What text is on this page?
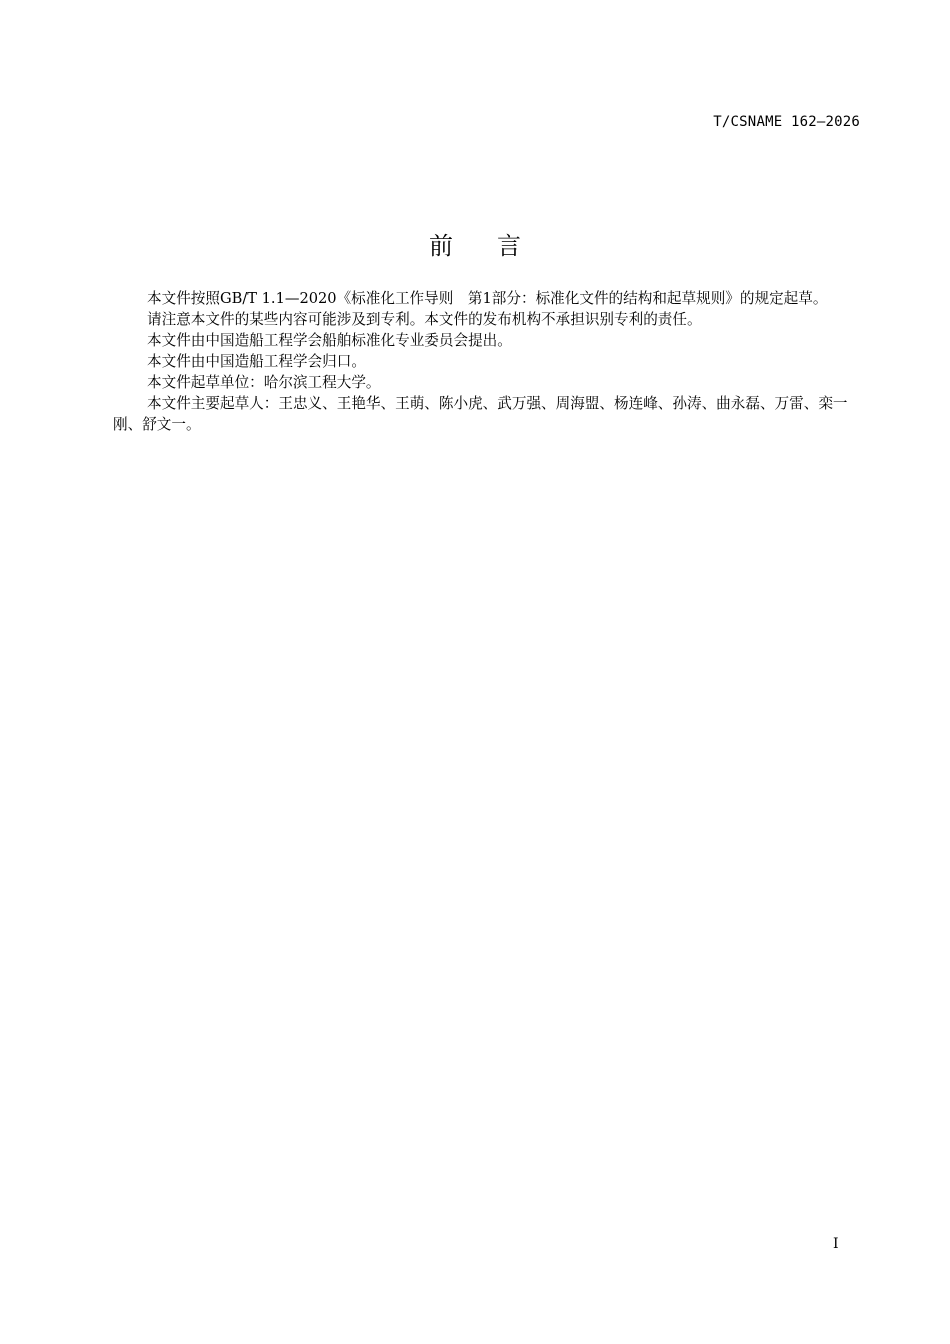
T/CSNAME 162—2026
前言

本文件按照GB/T 1.1—2020《标准化工作导则　第1部分：标准化文件的结构和起草规则》的规定起草。

请注意本文件的某些内容可能涉及到专利。本文件的发布机构不承担识别专利的责任。

本文件由中国造船工程学会船舶标准化专业委员会提出。

本文件由中国造船工程学会归口。

本文件起草单位：哈尔滨工程大学。

本文件主要起草人：王忠义、王艳华、王萌、陈小虎、武万强、周海盟、杨连峰、孙涛、曲永磊、万雷、栾一刚、舒文一。

I
